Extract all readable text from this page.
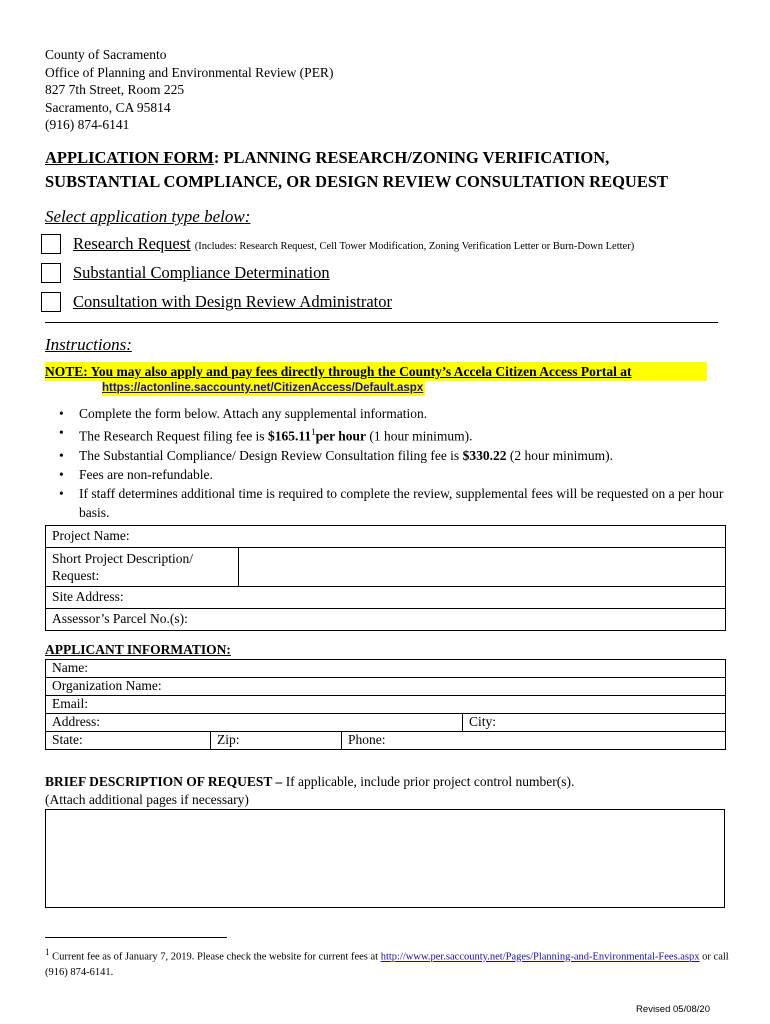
County of Sacramento
Office of Planning and Environmental Review (PER)
827 7th Street, Room 225
Sacramento, CA 95814
(916) 874-6141
APPLICATION FORM: PLANNING RESEARCH/ZONING VERIFICATION,
SUBSTANTIAL COMPLIANCE, OR DESIGN REVIEW CONSULTATION REQUEST
Select application type below:
Research Request (Includes: Research Request, Cell Tower Modification, Zoning Verification Letter or Burn-Down Letter)
Substantial Compliance Determination
Consultation with Design Review Administrator
Instructions:
NOTE: You may also apply and pay fees directly through the County’s Accela Citizen Access Portal at
https://actonline.saccounty.net/CitizenAccess/Default.aspx
• Complete the form below. Attach any supplemental information.
• The Research Request filing fee is $165.11$^1$per hour (1 hour minimum).
• The Substantial Compliance/ Design Review Consultation filing fee is $330.22 (2 hour minimum).
• Fees are non-refundable.
• If staff determines additional time is required to complete the review, supplemental fees will be requested on a per hour basis.
Project Name:

Short Project Description/
Request:

Site Address:
Assessor’s Parcel No.(s):
APPLICANT INFORMATION:
Name:			
Organization Name:			
Email:			
Address:			City:
State:	Zip:	Phone:	
BRIEF DESCRIPTION OF REQUEST – If applicable, include prior project control number(s).
(Attach additional pages if necessary)
$^1$ Current fee as of January 7, 2019. Please check the website for current fees at http://www.per.saccounty.net/Pages/Planning-and-Environmental-Fees.aspx or call (916) 874-6141.
Revised 05/08/20
